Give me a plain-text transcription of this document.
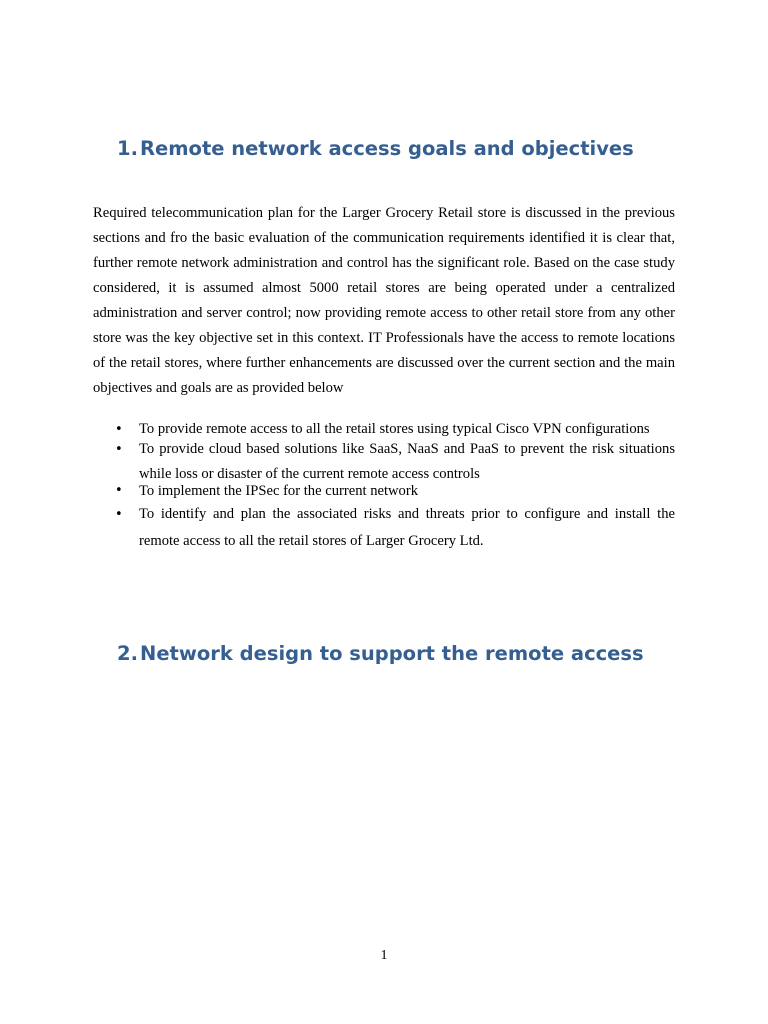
1. Remote network access goals and objectives

Required telecommunication plan for the Larger Grocery Retail store is discussed in the previous sections and fro the basic evaluation of the communication requirements identified it is clear that, further remote network administration and control has the significant role. Based on the case study considered, it is assumed almost 5000 retail stores are being operated under a centralized administration and server control; now providing remote access to other retail store from any other store was the key objective set in this context. IT Professionals have the access to remote locations of the retail stores, where further enhancements are discussed over the current section and the main objectives and goals are as provided below

• To provide remote access to all the retail stores using typical Cisco VPN configurations
• To provide cloud based solutions like SaaS, NaaS and PaaS to prevent the risk situations while loss or disaster of the current remote access controls
• To implement the IPSec for the current network
• To identify and plan the associated risks and threats prior to configure and install the remote access to all the retail stores of Larger Grocery Ltd.
2. Network design to support the remote access
1
